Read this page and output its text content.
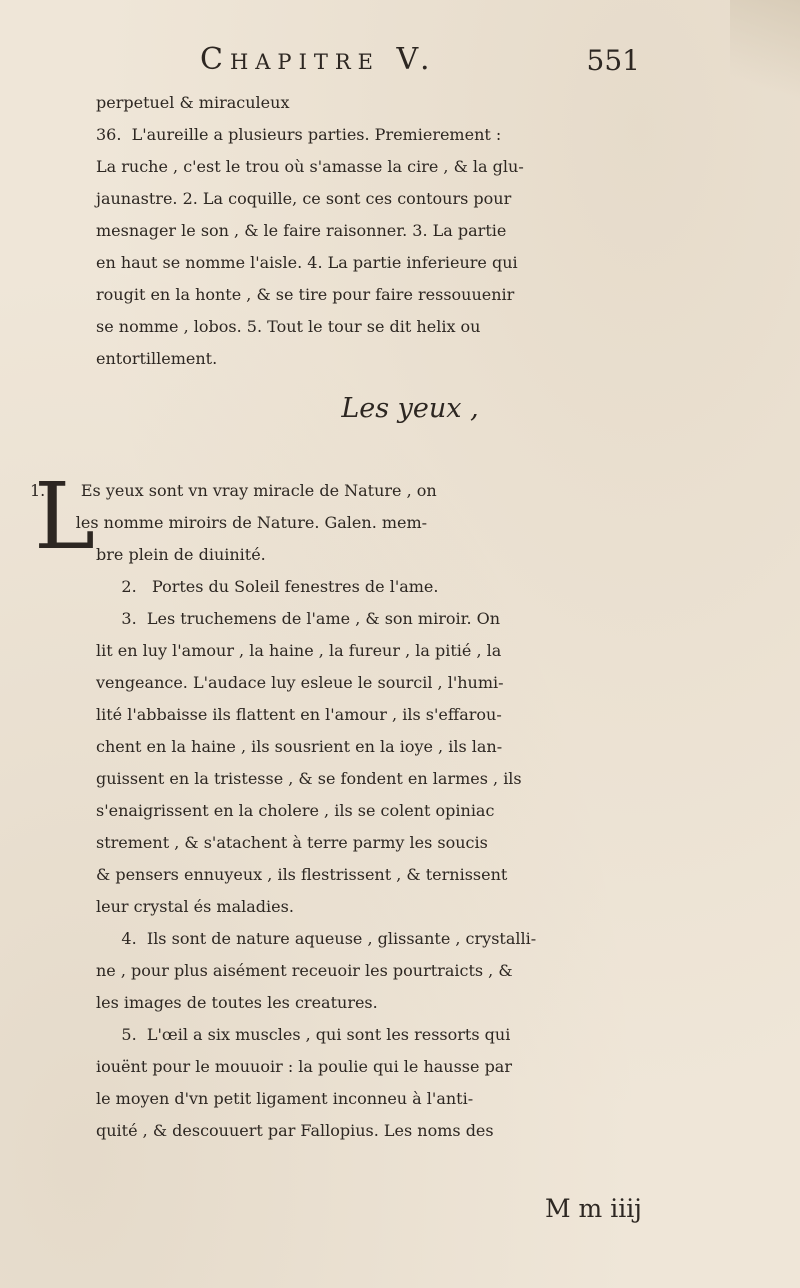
Chapitre V.	551
perpetuel & miraculeux
36.  L'aureille a plusieurs parties. Premierement :
La ruche , c'est le trou où s'amasse la cire , & la glu-
jaunastre. 2. La coquille, ce sont ces contours pour
mesnager le son , & le faire raisonner. 3. La partie
en haut se nomme l'aisle. 4. La partie inferieure qui
rougit en la honte , & se tire pour faire ressouuenir
se nomme , lobos. 5. Tout le tour se dit helix ou
entortillement.
Les yeux ,
L
1.       Es yeux sont vn vray miracle de Nature , on
les nomme miroirs de Nature. Galen. mem-
bre plein de diuinité.
2.   Portes du Soleil fenestres de l'ame.
3.  Les truchemens de l'ame , & son miroir. On
lit en luy l'amour , la haine , la fureur , la pitié , la
vengeance. L'audace luy esleue le sourcil , l'humi-
lité l'abbaisse ils flattent en l'amour , ils s'effarou-
chent en la haine , ils sousrient en la ioye , ils lan-
guissent en la tristesse , & se fondent en larmes , ils
s'enaigrissent en la cholere , ils se colent opiniac
strement , & s'atachent à terre parmy les soucis
& pensers ennuyeux , ils flestrissent , & ternissent
leur crystal és maladies.
4.  Ils sont de nature aqueuse , glissante , crystalli-
ne , pour plus aisément receuoir les pourtraicts , &
les images de toutes les creatures.
5.  L'œil a six muscles , qui sont les ressorts qui
iouënt pour le mouuoir : la poulie qui le hausse par
le moyen d'vn petit ligament inconneu à l'anti-
quité , & descouuert par Fallopius. Les noms des
M m iiij
